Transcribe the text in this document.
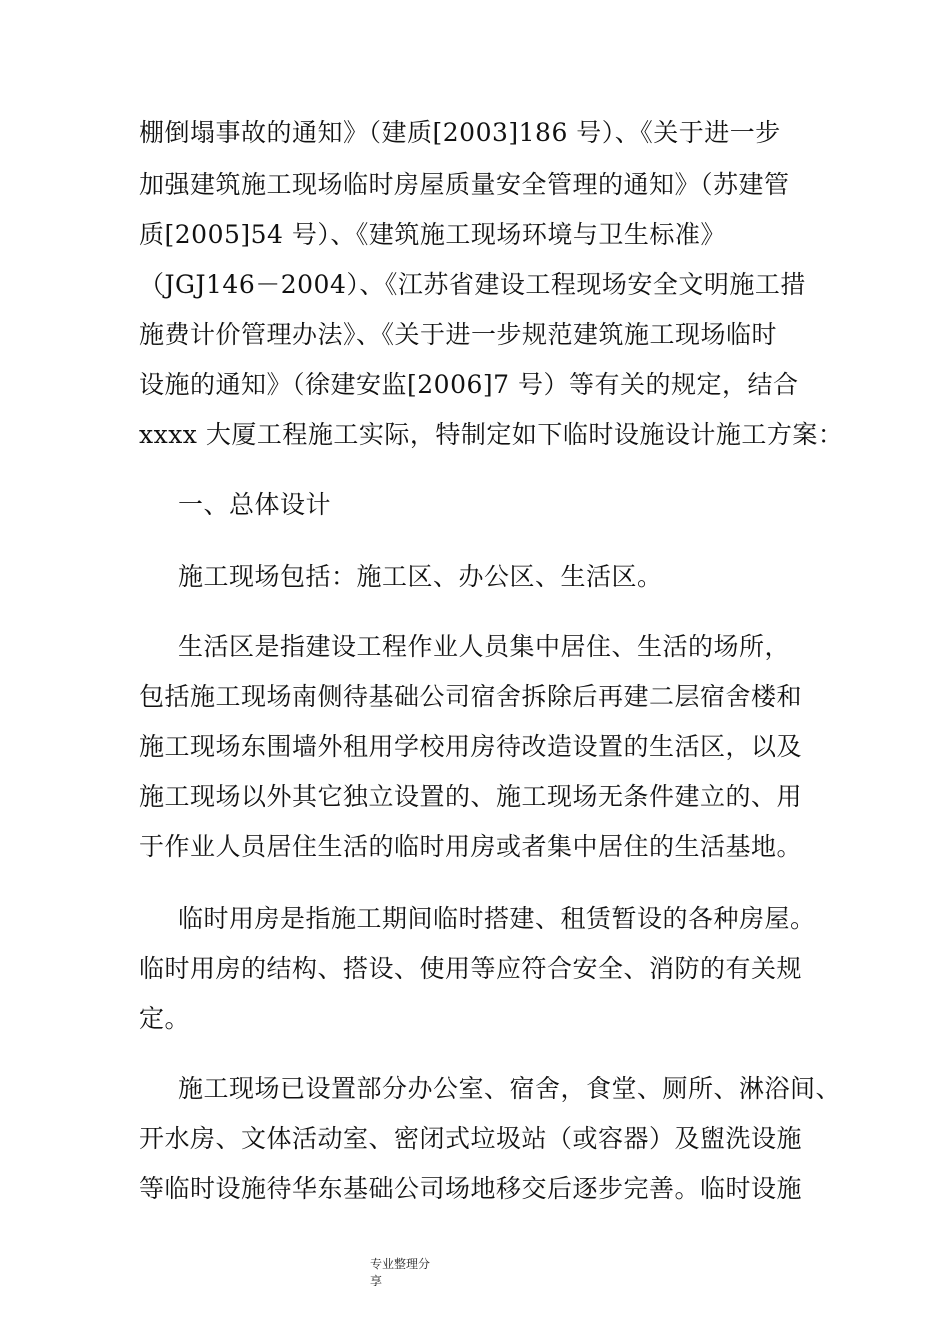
棚倒塌事故的通知》（建质[2003]186 号）、《关于进一步
加强建筑施工现场临时房屋质量安全管理的通知》（苏建管
质[2005]54 号）、《建筑施工现场环境与卫生标准》
（JGJ146－2004）、《江苏省建设工程现场安全文明施工措
施费计价管理办法》、《关于进一步规范建筑施工现场临时
设施的通知》（徐建安监[2006]7 号）等有关的规定，结合
xxxx 大厦工程施工实际，特制定如下临时设施设计施工方案：
一、总体设计
施工现场包括：施工区、办公区、生活区。
生活区是指建设工程作业人员集中居住、生活的场所，
包括施工现场南侧待基础公司宿舍拆除后再建二层宿舍楼和
施工现场东围墙外租用学校用房待改造设置的生活区，以及
施工现场以外其它独立设置的、施工现场无条件建立的、用
于作业人员居住生活的临时用房或者集中居住的生活基地。
临时用房是指施工期间临时搭建、租赁暂设的各种房屋。
临时用房的结构、搭设、使用等应符合安全、消防的有关规
定。
施工现场已设置部分办公室、宿舍，食堂、厕所、淋浴间、
开水房、文体活动室、密闭式垃圾站（或容器）及盥洗设施
等临时设施待华东基础公司场地移交后逐步完善。临时设施
专业整理分
享
